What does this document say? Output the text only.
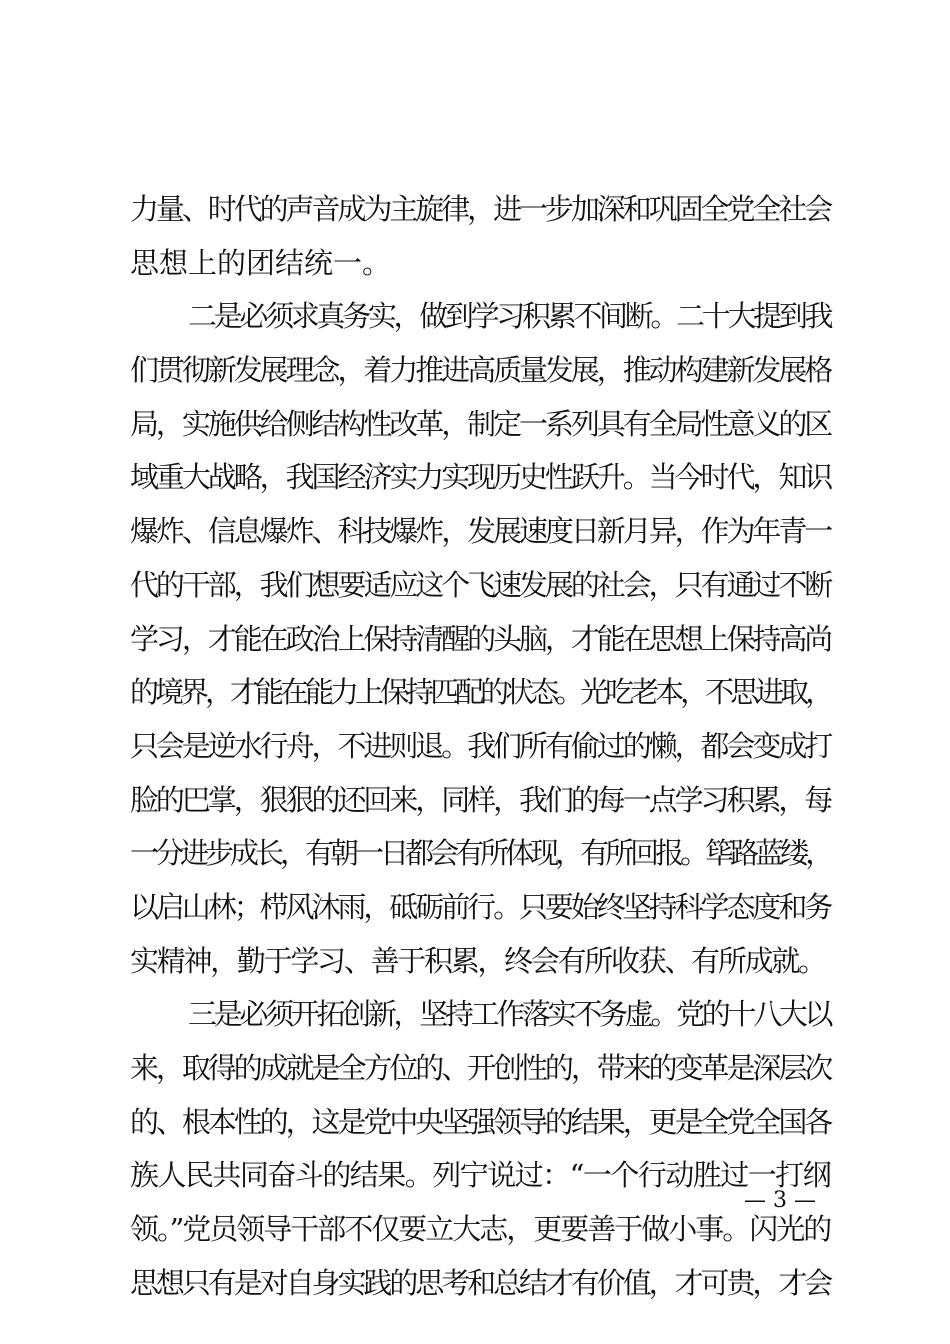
力量、时代的声音成为主旋律，进一步加深和巩固全党全社会
思想上的团结统一。
二是必须求真务实，做到学习积累不间断。二十大提到我
们贯彻新发展理念，着力推进高质量发展，推动构建新发展格
局，实施供给侧结构性改革，制定一系列具有全局性意义的区
域重大战略，我国经济实力实现历史性跃升。当今时代，知识
爆炸、信息爆炸、科技爆炸，发展速度日新月异，作为年青一
代的干部，我们想要适应这个飞速发展的社会，只有通过不断
学习，才能在政治上保持清醒的头脑，才能在思想上保持高尚
的境界，才能在能力上保持匹配的状态。光吃老本，不思进取，
只会是逆水行舟，不进则退。我们所有偷过的懒，都会变成打
脸的巴掌，狠狠的还回来，同样，我们的每一点学习积累，每
一分进步成长，有朝一日都会有所体现，有所回报。筚路蓝缕，
以启山林；栉风沐雨，砥砺前行。只要始终坚持科学态度和务
实精神，勤于学习、善于积累，终会有所收获、有所成就。
三是必须开拓创新，坚持工作落实不务虚。党的十八大以
来，取得的成就是全方位的、开创性的，带来的变革是深层次
的、根本性的，这是党中央坚强领导的结果，更是全党全国各
族人民共同奋斗的结果。列宁说过：“一个行动胜过一打纲
领。”党员领导干部不仅要立大志，更要善于做小事。闪光的
思想只有是对自身实践的思考和总结才有价值，才可贵，才会
— 3 —
